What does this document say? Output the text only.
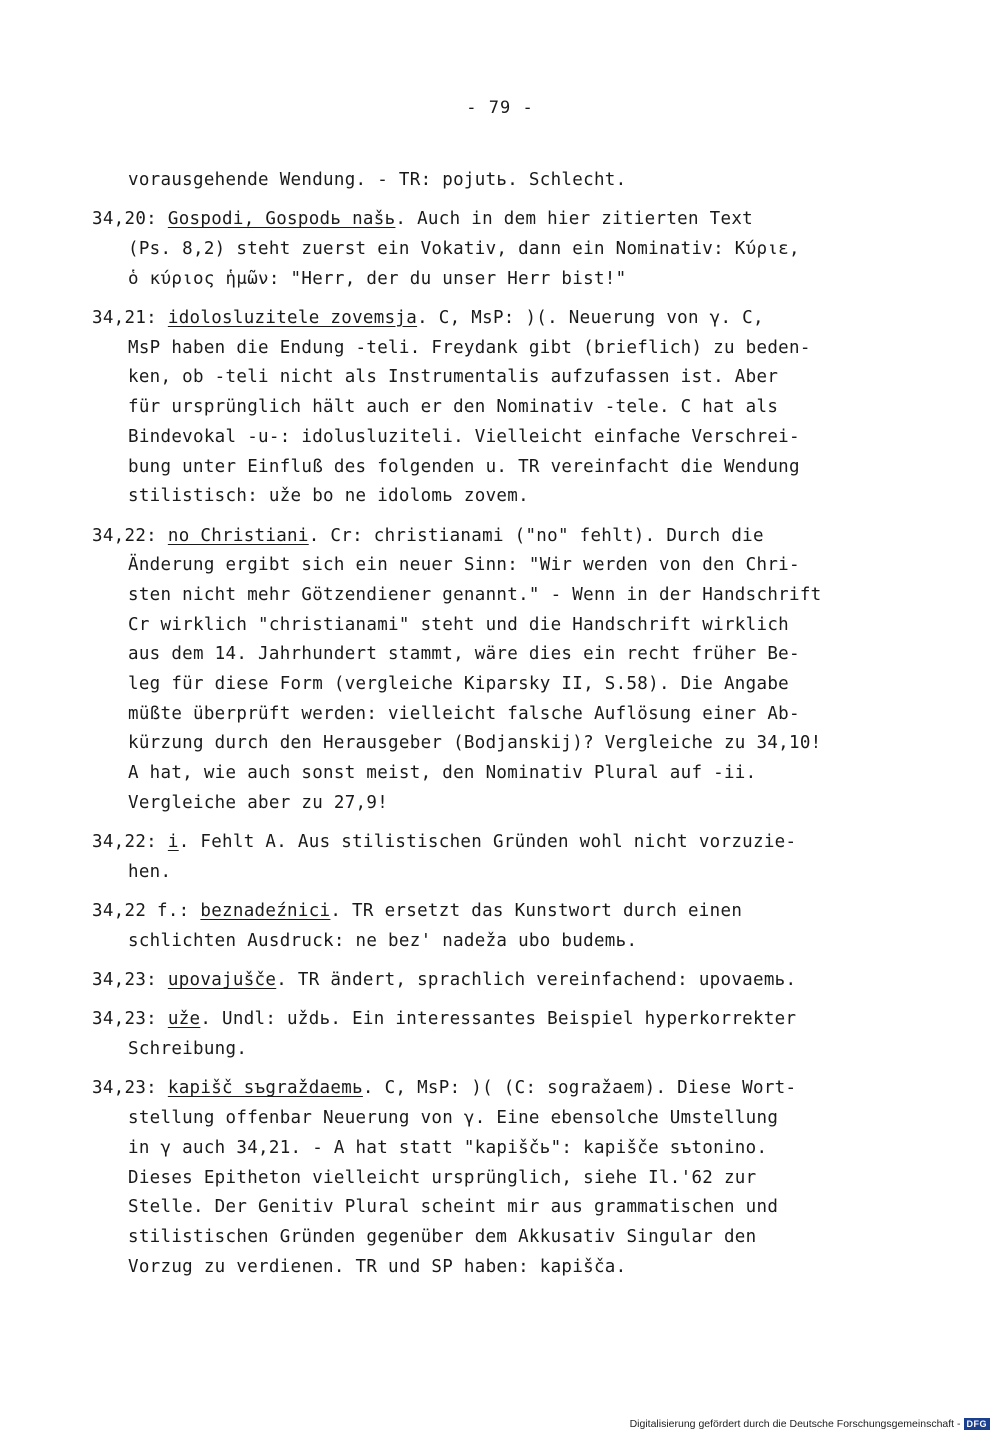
- 79 -
vorausgehende Wendung. - TR: pojutь. Schlecht.
34,20: Gospodi, Gospodь našь. Auch in dem hier zitierten Text
(Ps. 8,2) steht zuerst ein Vokativ, dann ein Nominativ: Κύριε,
ὁ κύριος ἡμῶν: "Herr, der du unser Herr bist!"
34,21: idolosluzitele zovemsja. C, MsP: )(. Neuerung von γ. C,
MsP haben die Endung -teli. Freydank gibt (brieflich) zu beden-
ken, ob -teli nicht als Instrumentalis aufzufassen ist. Aber
für ursprünglich hält auch er den Nominativ -tele. C hat als
Bindevokal -u-: idolusluziteli. Vielleicht einfache Verschrei-
bung unter Einfluß des folgenden u. TR vereinfacht die Wendung
stilistisch: uže bo ne idolomь zovem.
34,22: no Christiani. Cr: christianami ("no" fehlt). Durch die
Änderung ergibt sich ein neuer Sinn: "Wir werden von den Chri-
sten nicht mehr Götzendiener genannt." - Wenn in der Handschrift
Cr wirklich "christianami" steht und die Handschrift wirklich
aus dem 14. Jahrhundert stammt, wäre dies ein recht früher Be-
leg für diese Form (vergleiche Kiparsky II, S.58). Die Angabe
müßte überprüft werden: vielleicht falsche Auflösung einer Ab-
kürzung durch den Herausgeber (Bodjanskij)? Vergleiche zu 34,10!
A hat, wie auch sonst meist, den Nominativ Plural auf -ii.
Vergleiche aber zu 27,9!
34,22: i. Fehlt A. Aus stilistischen Gründen wohl nicht vorzuzie-
hen.
34,22 f.: beznadeźnici. TR ersetzt das Kunstwort durch einen
schlichten Ausdruck: ne bez' nadeža ubo budemь.
34,23: upovajušče. TR ändert, sprachlich vereinfachend: upovaemь.
34,23: uže. Undl: uždь. Ein interessantes Beispiel hyperkorrekter
Schreibung.
34,23: kapišč sъgraždaemь. C, MsP: )( (C: sogražaem). Diese Wort-
stellung offenbar Neuerung von γ. Eine ebensolche Umstellung
in γ auch 34,21. - A hat statt "kapiščь": kapišče sъtonino.
Dieses Epitheton vielleicht ursprünglich, siehe Il.'62 zur
Stelle. Der Genitiv Plural scheint mir aus grammatischen und
stilistischen Gründen gegenüber dem Akkusativ Singular den
Vorzug zu verdienen. TR und SP haben: kapišča.
Digitalisierung gefördert durch die Deutsche Forschungsgemeinschaft - DFG
